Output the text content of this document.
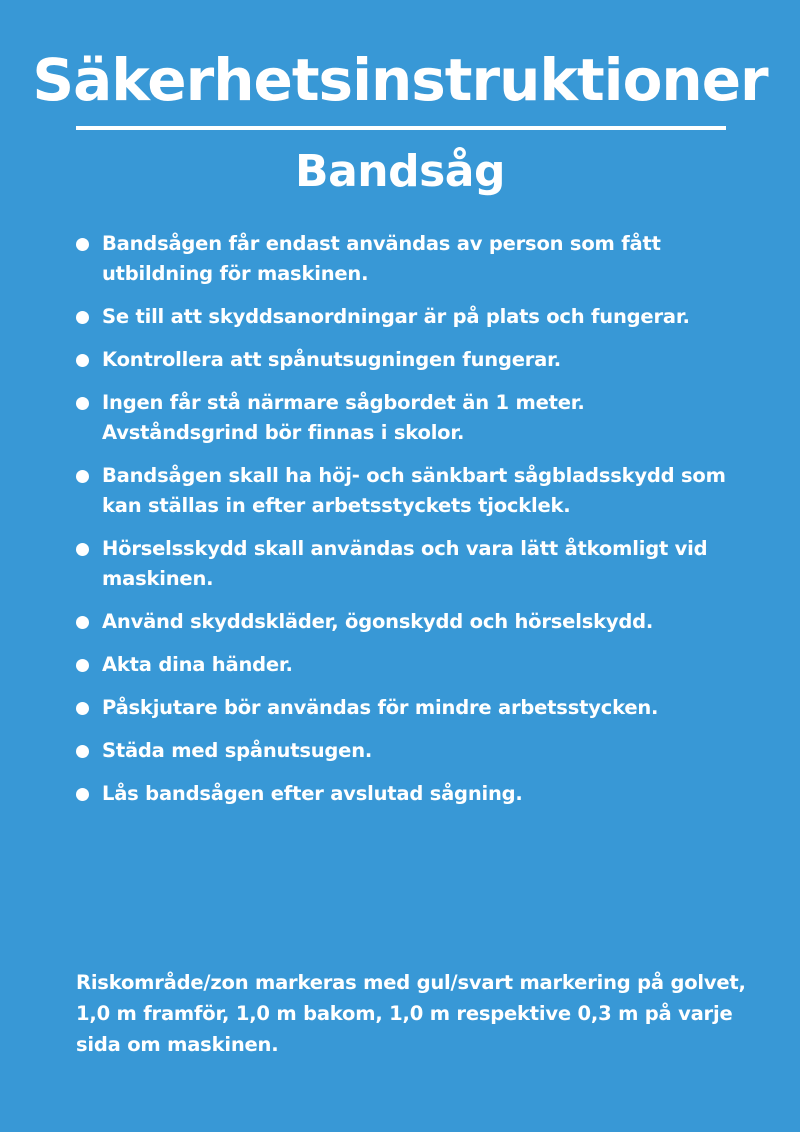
Säkerhetsinstruktioner
Bandsåg
Bandsågen får endast användas av person som fått utbildning för maskinen.
Se till att skyddsanordningar är på plats och fungerar.
Kontrollera att spånutsugningen fungerar.
Ingen får stå närmare sågbordet än 1 meter. Avståndsgrind bör finnas i skolor.
Bandsågen skall ha höj- och sänkbart sågbladsskydd som kan ställas in efter arbetsstyckets tjocklek.
Hörselsskydd skall användas och vara lätt åtkomligt vid maskinen.
Använd skyddskläder, ögonskydd och hörselskydd.
Akta dina händer.
Påskjutare bör användas för mindre arbetsstycken.
Städa med spånutsugen.
Lås bandsågen efter avslutad sågning.

Riskområde/zon markeras med gul/svart markering på golvet, 1,0 m framför, 1,0 m bakom, 1,0 m respektive 0,3 m på varje sida om maskinen.
